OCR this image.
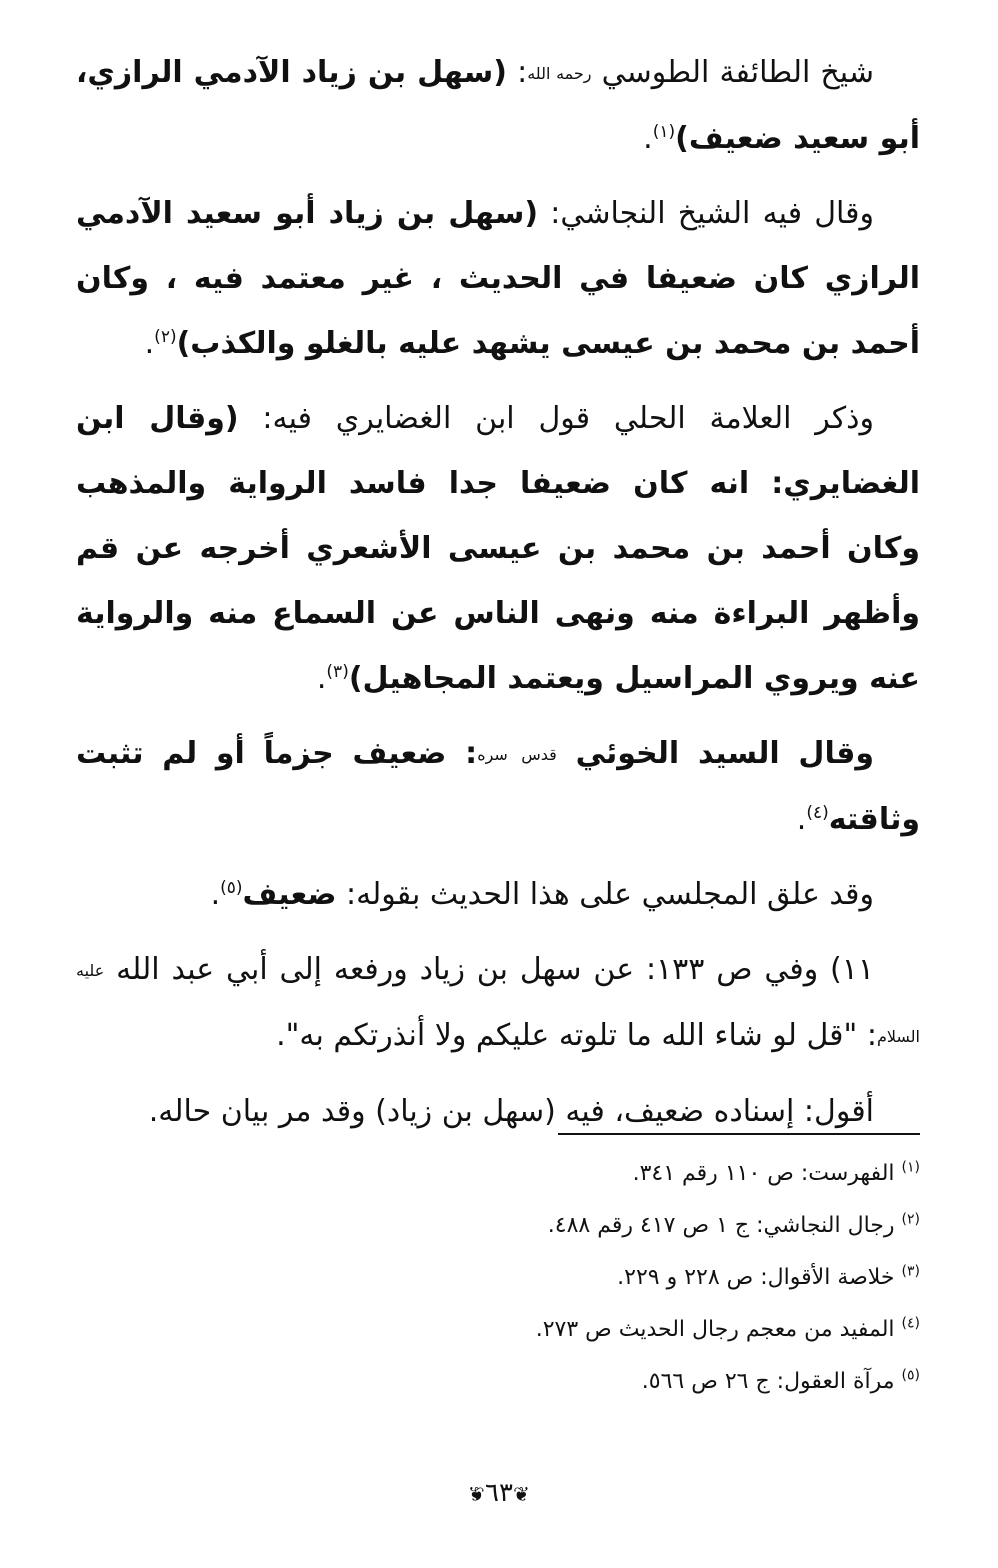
شيخ الطائفة الطوسي رحمه الله: (سهل بن زياد الآدمي الرازي، أبو سعيد ضعيف)$^{(١)}$.

وقال فيه الشيخ النجاشي: (سهل بن زياد أبو سعيد الآدمي الرازي كان ضعيفا في الحديث ، غير معتمد فيه ، وكان أحمد بن محمد بن عيسى يشهد عليه بالغلو والكذب)$^{(٢)}$.

وذكر العلامة الحلي قول ابن الغضايري فيه: (وقال ابن الغضايري: انه كان ضعيفا جدا فاسد الرواية والمذهب وكان أحمد بن محمد بن عيسى الأشعري أخرجه عن قم وأظهر البراءة منه ونهى الناس عن السماع منه والرواية عنه ويروي المراسيل ويعتمد المجاهيل)$^{(٣)}$.

وقال السيد الخوئي قدس سره: ضعيف جزماً أو لم تثبت وثاقته$^{(٤)}$.

وقد علق المجلسي على هذا الحديث بقوله: ضعيف$^{(٥)}$.

١١) وفي ص ١٣٣: عن سهل بن زياد ورفعه إلى أبي عبد الله عليه السلام: "قل لو شاء الله ما تلوته عليكم ولا أنذرتكم به".

أقول: إسناده ضعيف، فيه (سهل بن زياد) وقد مر بيان حاله.

$^{(١)}$ الفهرست: ص ١١٠ رقم ٣٤١.

$^{(٢)}$ رجال النجاشي: ج ١ ص ٤١٧ رقم ٤٨٨.

$^{(٣)}$ خلاصة الأقوال: ص ٢٢٨ و ٢٢٩.

$^{(٤)}$ المفيد من معجم رجال الحديث ص ٢٧٣.

$^{(٥)}$ مرآة العقول: ج ٢٦ ص ٥٦٦.

❦٦٣❦
